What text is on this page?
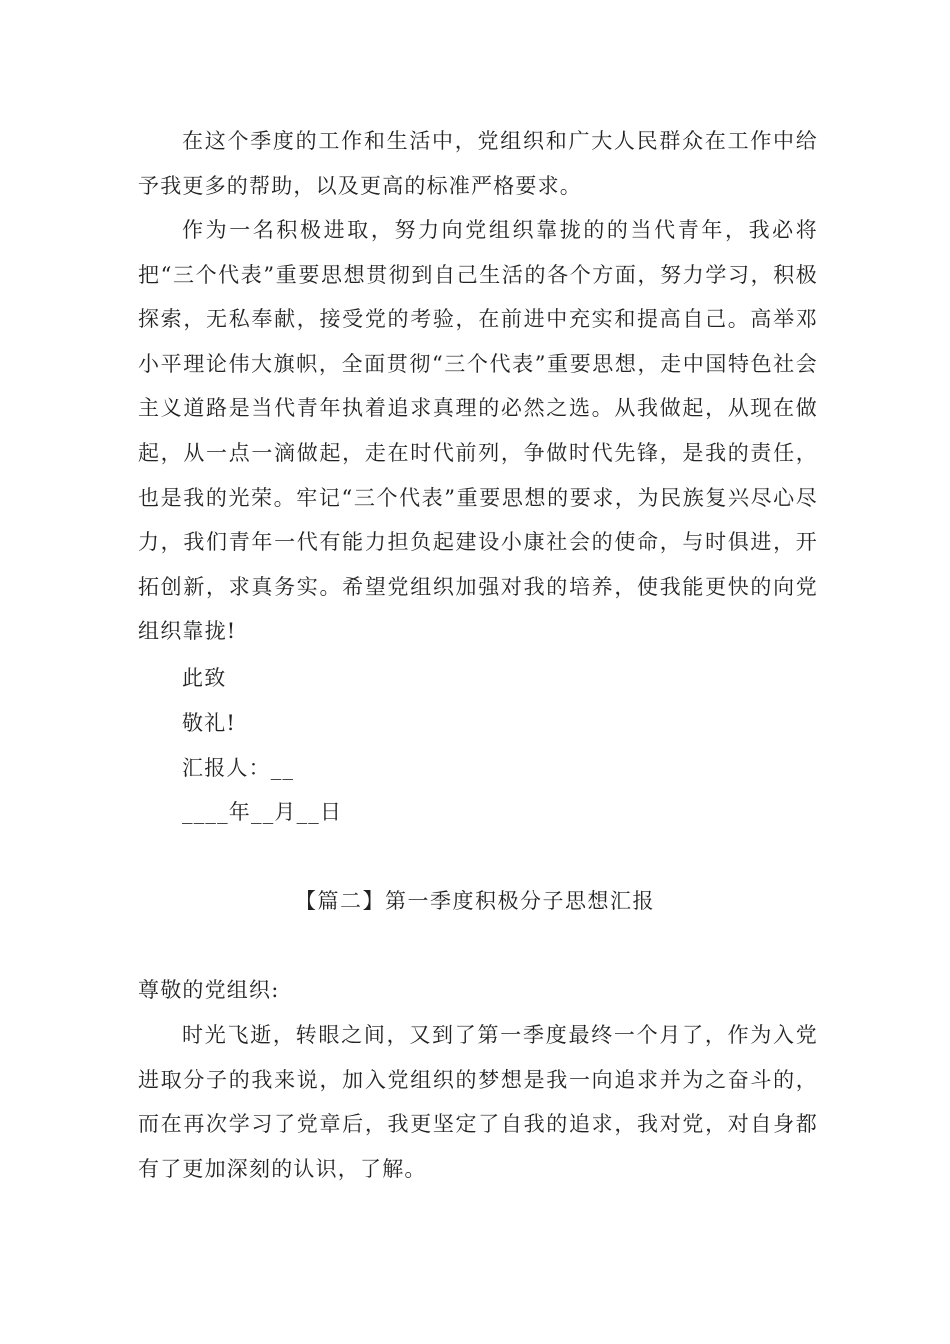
在这个季度的工作和生活中，党组织和广大人民群众在工作中给予我更多的帮助，以及更高的标准严格要求。

作为一名积极进取，努力向党组织靠拢的的当代青年，我必将把“三个代表”重要思想贯彻到自己生活的各个方面，努力学习，积极探索，无私奉献，接受党的考验，在前进中充实和提高自己。高举邓小平理论伟大旗帜，全面贯彻“三个代表”重要思想，走中国特色社会主义道路是当代青年执着追求真理的必然之选。从我做起，从现在做起，从一点一滴做起，走在时代前列，争做时代先锋，是我的责任，也是我的光荣。牢记“三个代表”重要思想的要求，为民族复兴尽心尽力，我们青年一代有能力担负起建设小康社会的使命，与时俱进，开拓创新，求真务实。希望党组织加强对我的培养，使我能更快的向党组织靠拢!

此致

敬礼!

汇报人：__

____年__月__日

【篇二】第一季度积极分子思想汇报

尊敬的党组织:

时光飞逝，转眼之间，又到了第一季度最终一个月了，作为入党进取分子的我来说，加入党组织的梦想是我一向追求并为之奋斗的，而在再次学习了党章后，我更坚定了自我的追求，我对党，对自身都有了更加深刻的认识，了解。
